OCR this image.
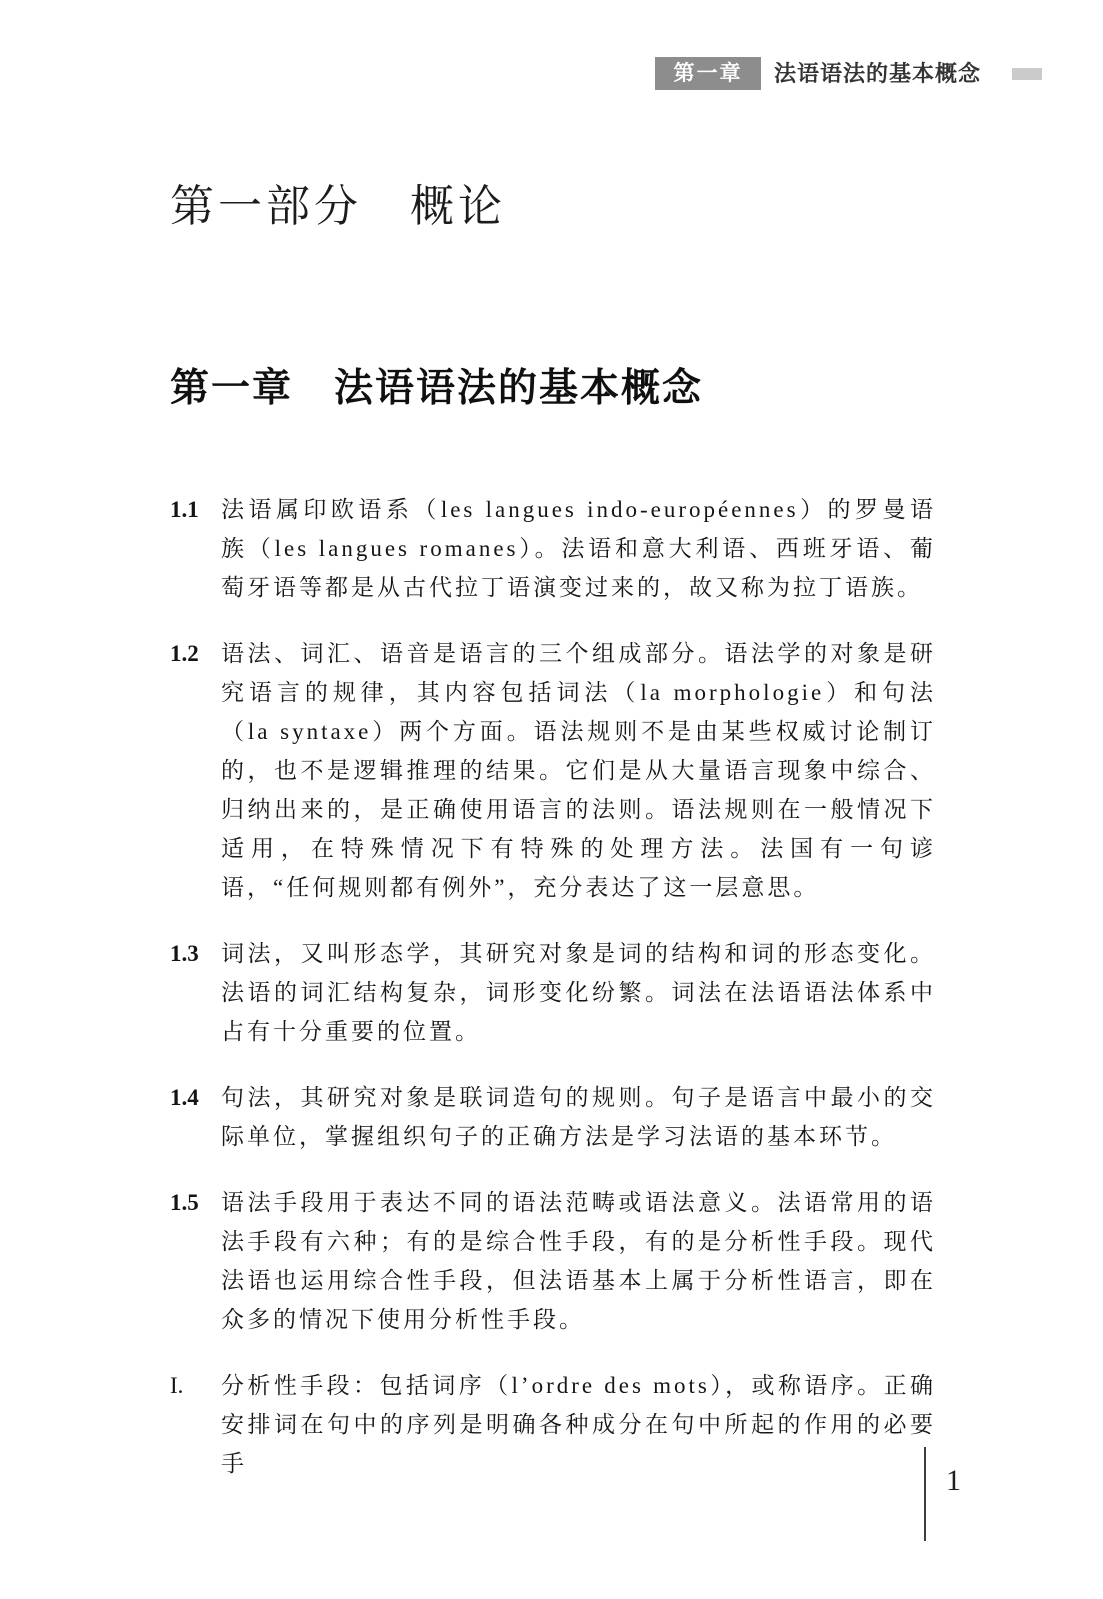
第一章	法语语法的基本概念
第一部分　概论
第一章　法语语法的基本概念
1.1 法语属印欧语系（les langues indo-européennes）的罗曼语族（les langues romanes）。法语和意大利语、西班牙语、葡萄牙语等都是从古代拉丁语演变过来的，故又称为拉丁语族。

1.2 语法、词汇、语音是语言的三个组成部分。语法学的对象是研究语言的规律，其内容包括词法（la morphologie）和句法（la syntaxe）两个方面。语法规则不是由某些权威讨论制订的，也不是逻辑推理的结果。它们是从大量语言现象中综合、归纳出来的，是正确使用语言的法则。语法规则在一般情况下适用，在特殊情况下有特殊的处理方法。法国有一句谚语，“任何规则都有例外”，充分表达了这一层意思。

1.3 词法，又叫形态学，其研究对象是词的结构和词的形态变化。法语的词汇结构复杂，词形变化纷繁。词法在法语语法体系中占有十分重要的位置。

1.4 句法，其研究对象是联词造句的规则。句子是语言中最小的交际单位，掌握组织句子的正确方法是学习法语的基本环节。

1.5 语法手段用于表达不同的语法范畴或语法意义。法语常用的语法手段有六种；有的是综合性手段，有的是分析性手段。现代法语也运用综合性手段，但法语基本上属于分析性语言，即在众多的情况下使用分析性手段。

I. 分析性手段：包括词序（l’ordre des mots），或称语序。正确安排词在句中的序列是明确各种成分在句中所起的作用的必要手

1
